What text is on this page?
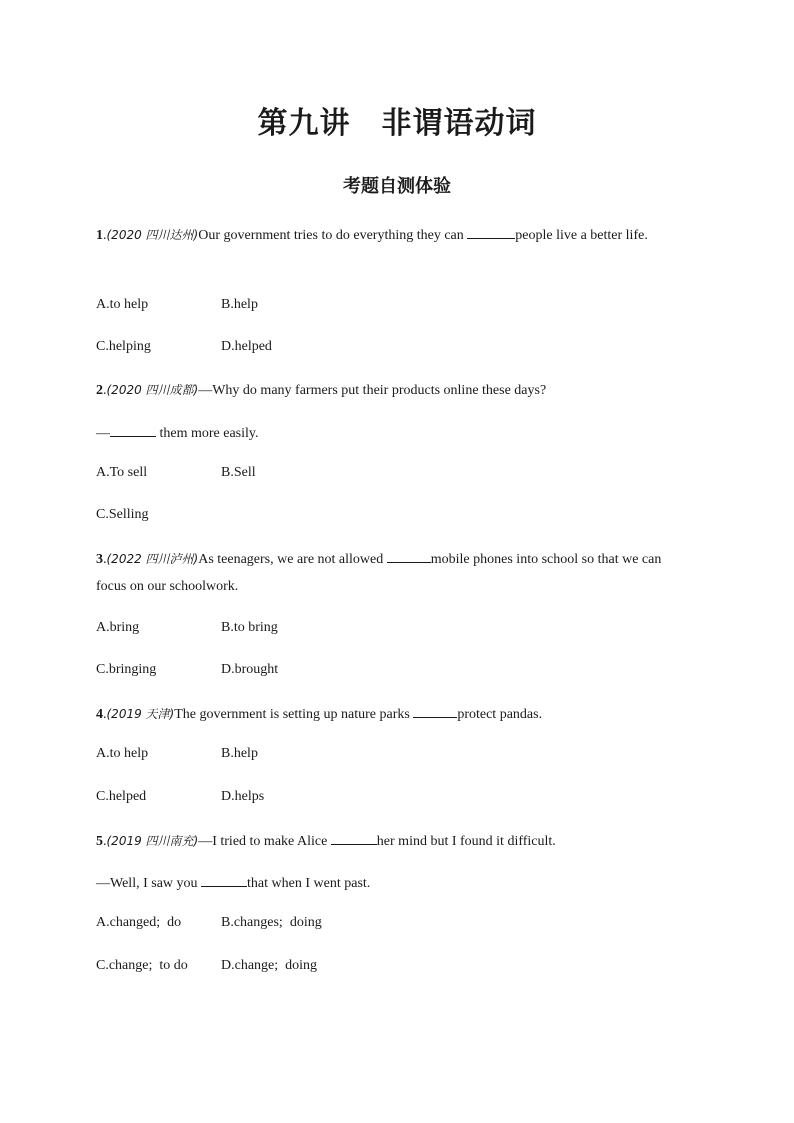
第九讲　非谓语动词
考题自测体验
1.(2020 四川达州)Our government tries to do everything they can	people live a better life.
A.to help	B.help
C.helping	D.helped
2.(2020 四川成都)—Why do many farmers put their products online these days?
—	them more easily.
A.To sell	B.Sell
C.Selling
3.(2022 四川泸州)As teenagers, we are not allowed	mobile phones into school so that we can
focus on our schoolwork.
A.bring	B.to bring
C.bringing	D.brought
4.(2019 天津)The government is setting up nature parks	protect pandas.
A.to help	B.help
C.helped	D.helps
5.(2019 四川南充)—I tried to make Alice	her mind but I found it difficult.
—Well, I saw you	that when I went past.
A.changed;  do	B.changes;  doing
C.change;  to do D.change;  doing
